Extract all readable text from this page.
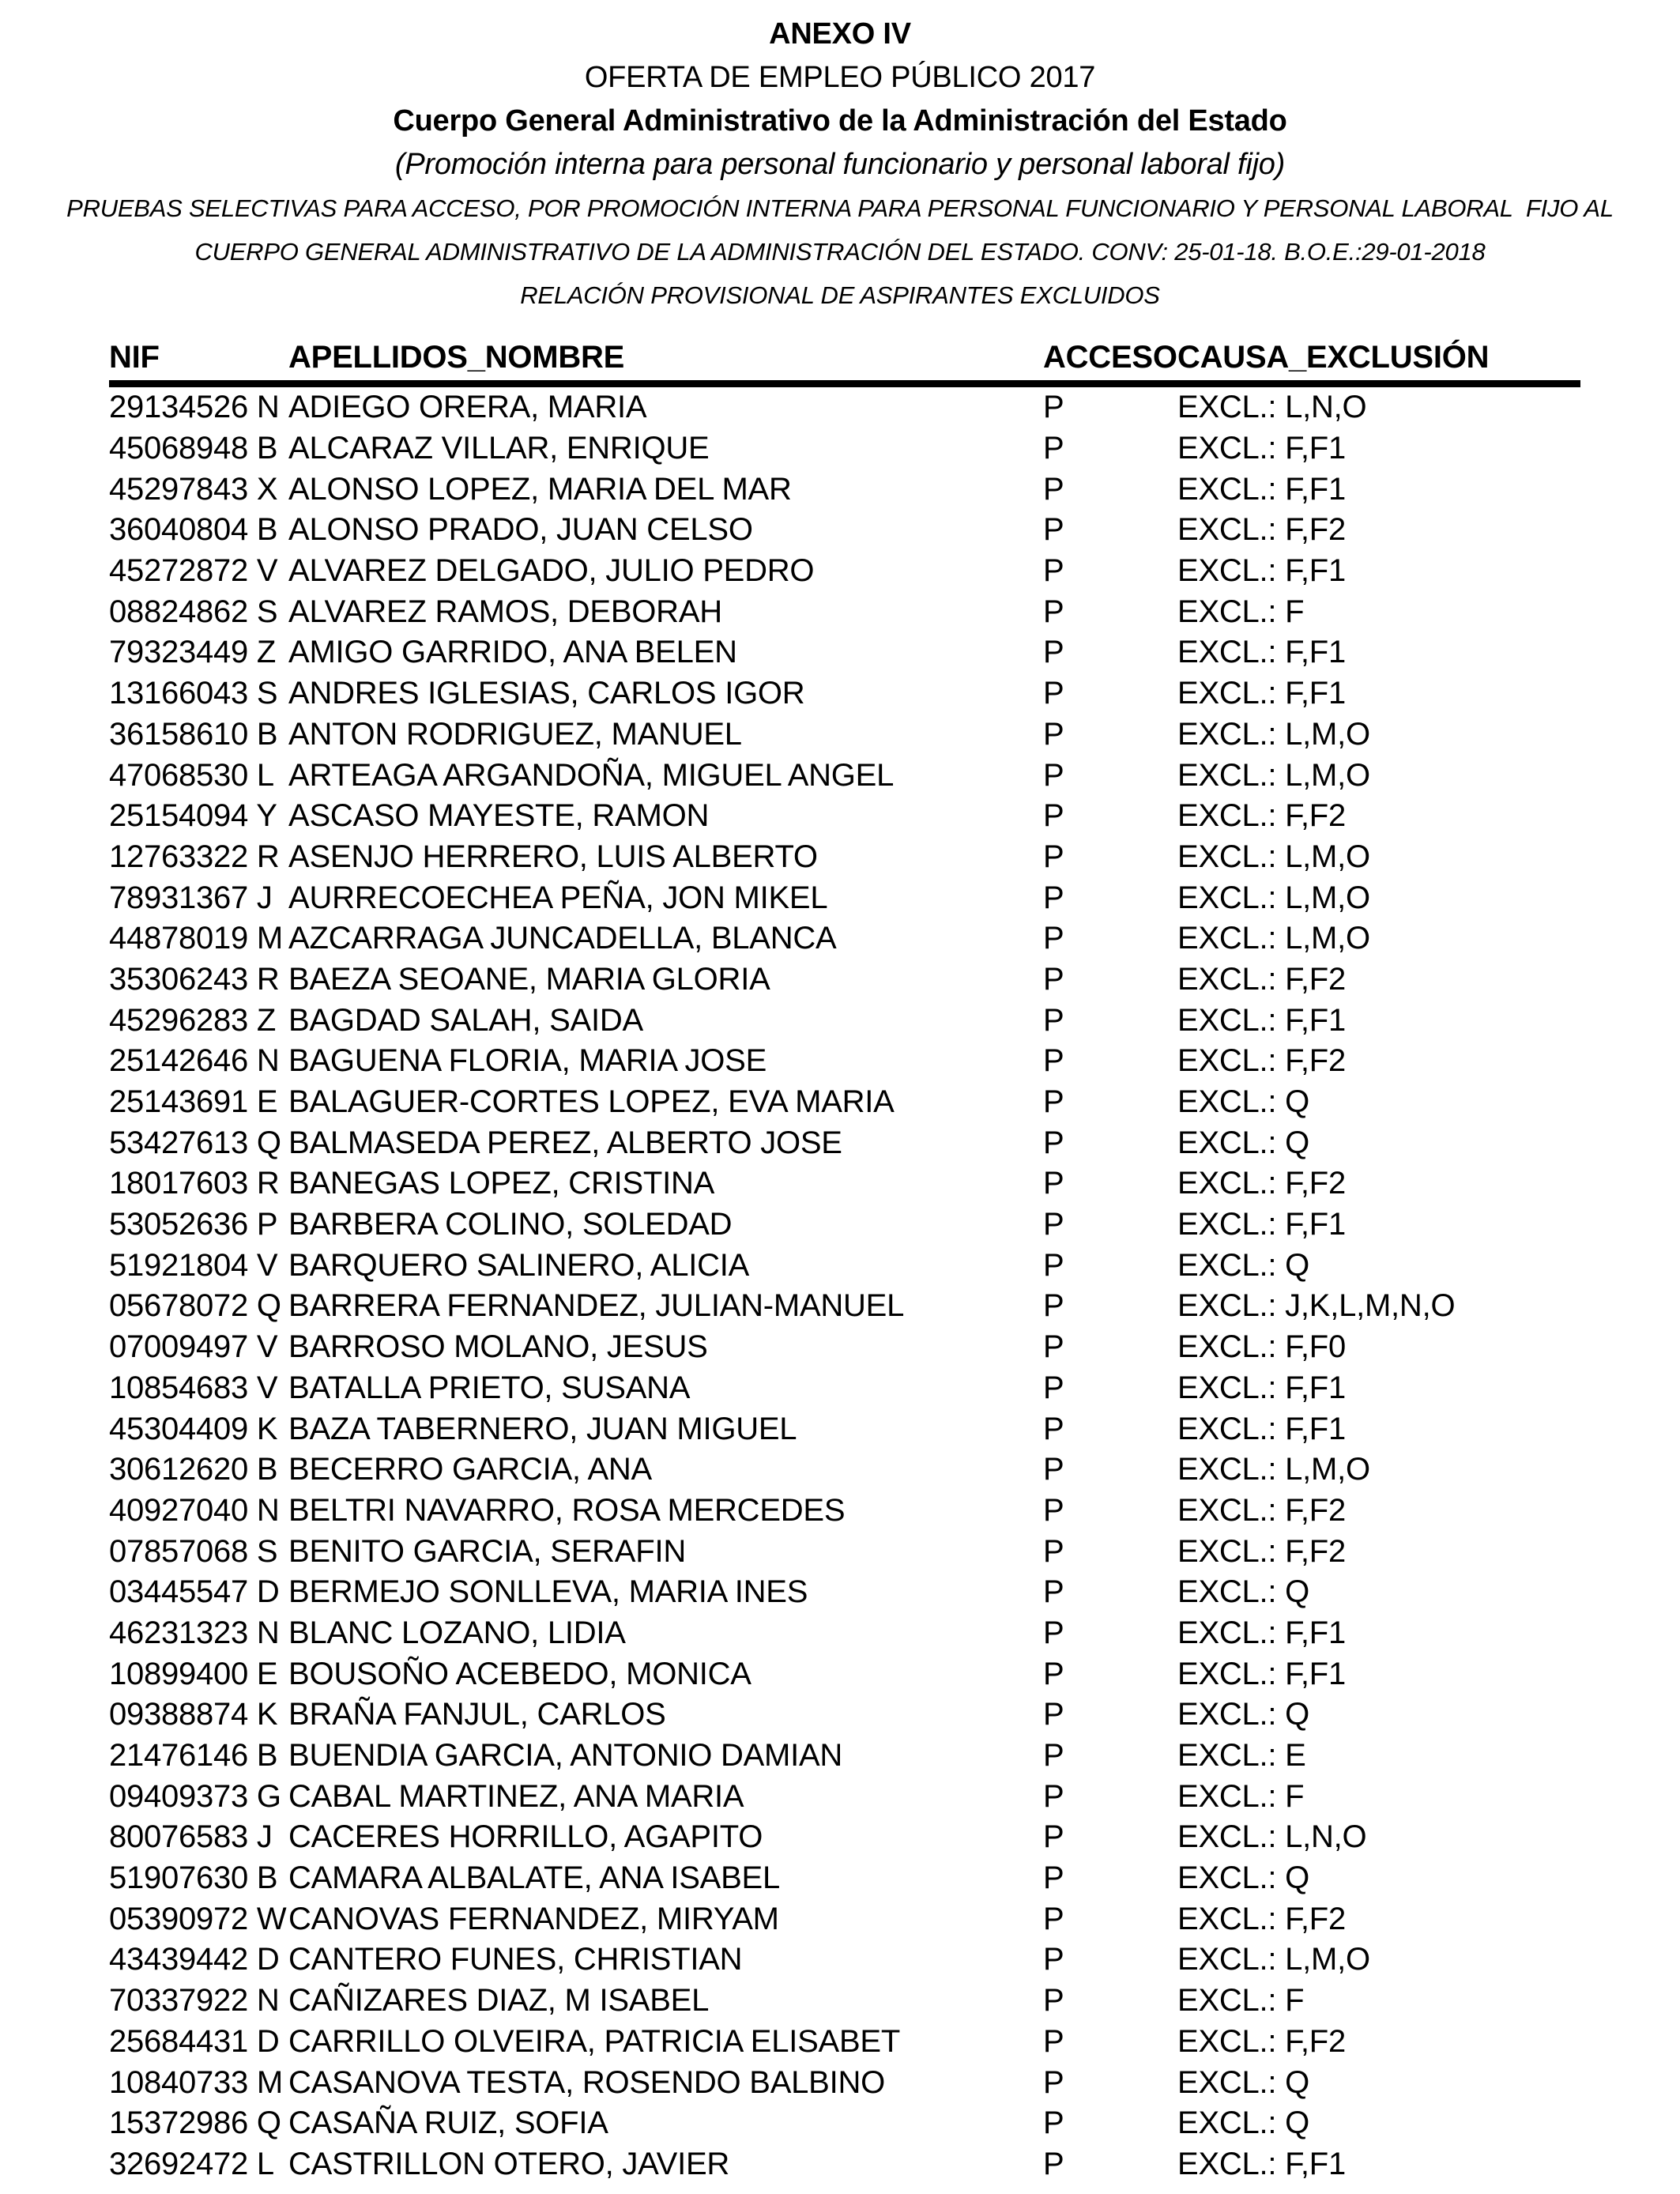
ANEXO IV
OFERTA DE EMPLEO PÚBLICO 2017
Cuerpo General Administrativo de la Administración del Estado
(Promoción interna para personal funcionario y personal laboral fijo)
PRUEBAS SELECTIVAS PARA ACCESO, POR PROMOCIÓN INTERNA PARA PERSONAL FUNCIONARIO Y PERSONAL LABORAL  FIJO AL
CUERPO GENERAL ADMINISTRATIVO DE LA ADMINISTRACIÓN DEL ESTADO. CONV: 25-01-18. B.O.E.:29-01-2018
RELACIÓN PROVISIONAL DE ASPIRANTES EXCLUIDOS
NIF	APELLIDOS_NOMBRE	ACCESO	CAUSA_EXCLUSIÓN
29134526 N	ADIEGO ORERA, MARIA	P	EXCL.: L,N,O
45068948 B	ALCARAZ VILLAR, ENRIQUE	P	EXCL.: F,F1
45297843 X	ALONSO LOPEZ, MARIA DEL MAR	P	EXCL.: F,F1
36040804 B	ALONSO PRADO, JUAN CELSO	P	EXCL.: F,F2
45272872 V	ALVAREZ DELGADO, JULIO PEDRO	P	EXCL.: F,F1
08824862 S	ALVAREZ RAMOS, DEBORAH	P	EXCL.: F
79323449 Z	AMIGO GARRIDO, ANA BELEN	P	EXCL.: F,F1
13166043 S	ANDRES IGLESIAS, CARLOS IGOR	P	EXCL.: F,F1
36158610 B	ANTON RODRIGUEZ, MANUEL	P	EXCL.: L,M,O
47068530 L	ARTEAGA ARGANDOÑA, MIGUEL ANGEL	P	EXCL.: L,M,O
25154094 Y	ASCASO MAYESTE, RAMON	P	EXCL.: F,F2
12763322 R	ASENJO HERRERO, LUIS ALBERTO	P	EXCL.: L,M,O
78931367 J	AURRECOECHEA PEÑA, JON MIKEL	P	EXCL.: L,M,O
44878019 M	AZCARRAGA JUNCADELLA, BLANCA	P	EXCL.: L,M,O
35306243 R	BAEZA SEOANE, MARIA GLORIA	P	EXCL.: F,F2
45296283 Z	BAGDAD SALAH, SAIDA	P	EXCL.: F,F1
25142646 N	BAGUENA FLORIA, MARIA JOSE	P	EXCL.: F,F2
25143691 E	BALAGUER-CORTES LOPEZ, EVA MARIA	P	EXCL.: Q
53427613 Q	BALMASEDA PEREZ, ALBERTO JOSE	P	EXCL.: Q
18017603 R	BANEGAS LOPEZ, CRISTINA	P	EXCL.: F,F2
53052636 P	BARBERA COLINO, SOLEDAD	P	EXCL.: F,F1
51921804 V	BARQUERO SALINERO, ALICIA	P	EXCL.: Q
05678072 Q	BARRERA FERNANDEZ, JULIAN-MANUEL	P	EXCL.: J,K,L,M,N,O
07009497 V	BARROSO MOLANO, JESUS	P	EXCL.: F,F0
10854683 V	BATALLA PRIETO, SUSANA	P	EXCL.: F,F1
45304409 K	BAZA TABERNERO, JUAN MIGUEL	P	EXCL.: F,F1
30612620 B	BECERRO GARCIA, ANA	P	EXCL.: L,M,O
40927040 N	BELTRI NAVARRO, ROSA MERCEDES	P	EXCL.: F,F2
07857068 S	BENITO GARCIA, SERAFIN	P	EXCL.: F,F2
03445547 D	BERMEJO SONLLEVA, MARIA INES	P	EXCL.: Q
46231323 N	BLANC LOZANO, LIDIA	P	EXCL.: F,F1
10899400 E	BOUSOÑO ACEBEDO, MONICA	P	EXCL.: F,F1
09388874 K	BRAÑA FANJUL, CARLOS	P	EXCL.: Q
21476146 B	BUENDIA GARCIA, ANTONIO DAMIAN	P	EXCL.: E
09409373 G	CABAL MARTINEZ, ANA MARIA	P	EXCL.: F
80076583 J	CACERES HORRILLO, AGAPITO	P	EXCL.: L,N,O
51907630 B	CAMARA ALBALATE, ANA ISABEL	P	EXCL.: Q
05390972 W	CANOVAS FERNANDEZ, MIRYAM	P	EXCL.: F,F2
43439442 D	CANTERO FUNES, CHRISTIAN	P	EXCL.: L,M,O
70337922 N	CAÑIZARES DIAZ, M ISABEL	P	EXCL.: F
25684431 D	CARRILLO OLVEIRA, PATRICIA ELISABET	P	EXCL.: F,F2
10840733 M	CASANOVA TESTA, ROSENDO BALBINO	P	EXCL.: Q
15372986 Q	CASAÑA RUIZ, SOFIA	P	EXCL.: Q
32692472 L	CASTRILLON OTERO, JAVIER	P	EXCL.: F,F1
